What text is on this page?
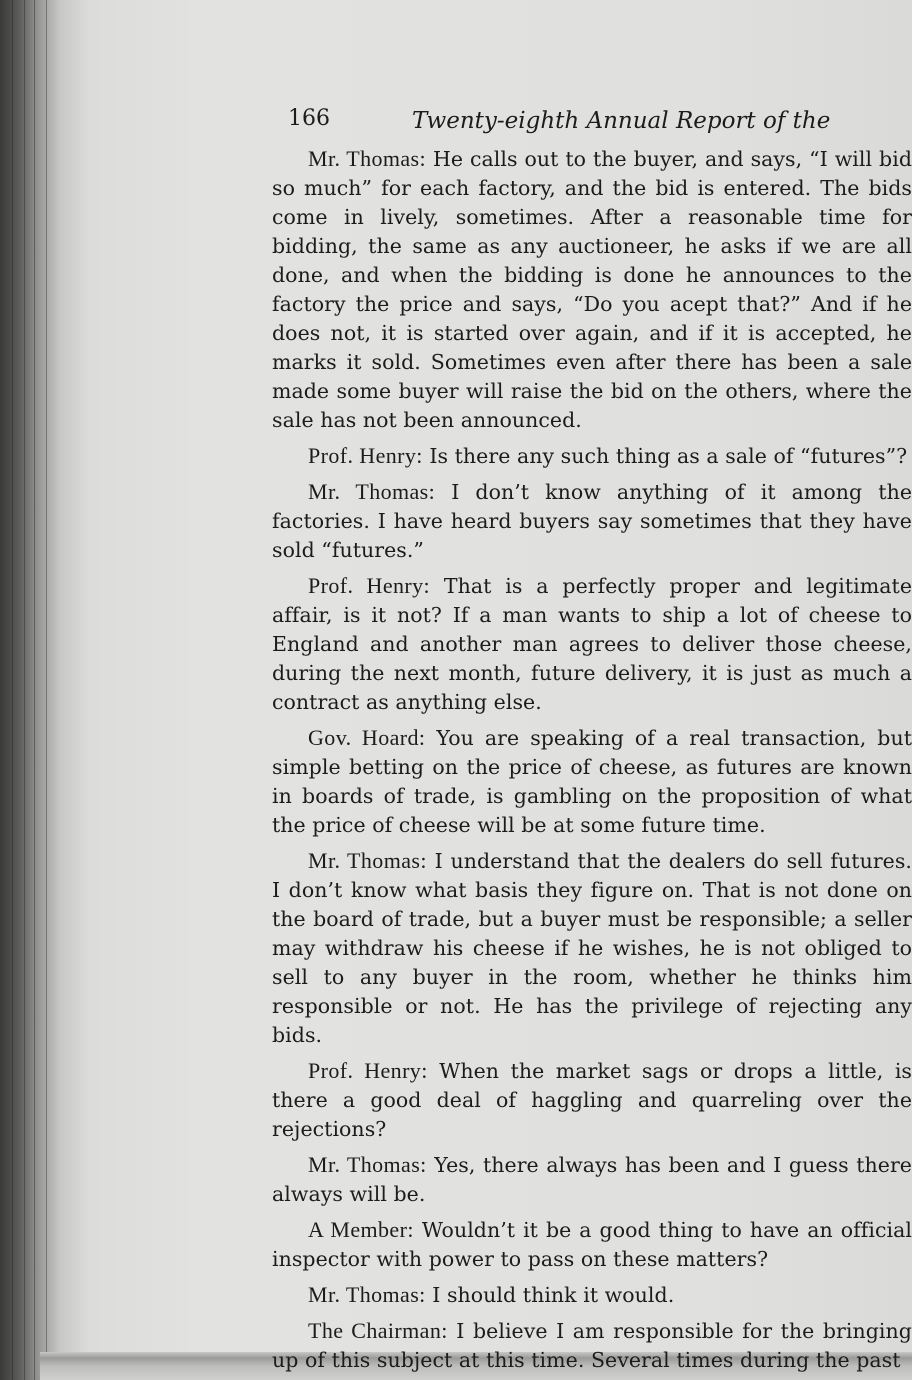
166	Twenty-eighth Annual Report of the

Mr. Thomas: He calls out to the buyer, and says, “I will bid so much” for each factory, and the bid is entered. The bids come in lively, sometimes. After a reasonable time for bidding, the same as any auctioneer, he asks if we are all done, and when the bidding is done he announces to the factory the price and says, “Do you acept that?” And if he does not, it is started over again, and if it is accepted, he marks it sold. Sometimes even after there has been a sale made some buyer will raise the bid on the others, where the sale has not been announced.

Prof. Henry: Is there any such thing as a sale of “futures”?

Mr. Thomas: I don’t know anything of it among the factories. I have heard buyers say sometimes that they have sold “futures.”

Prof. Henry: That is a perfectly proper and legitimate affair, is it not? If a man wants to ship a lot of cheese to England and another man agrees to deliver those cheese, during the next month, future delivery, it is just as much a contract as anything else.

Gov. Hoard: You are speaking of a real transaction, but simple betting on the price of cheese, as futures are known in boards of trade, is gambling on the proposition of what the price of cheese will be at some future time.

Mr. Thomas: I understand that the dealers do sell futures. I don’t know what basis they figure on. That is not done on the board of trade, but a buyer must be responsible; a seller may withdraw his cheese if he wishes, he is not obliged to sell to any buyer in the room, whether he thinks him responsible or not. He has the privilege of rejecting any bids.

Prof. Henry: When the market sags or drops a little, is there a good deal of haggling and quarreling over the rejections?

Mr. Thomas: Yes, there always has been and I guess there always will be.

A Member: Wouldn’t it be a good thing to have an official inspector with power to pass on these matters?

Mr. Thomas: I should think it would.

The Chairman: I believe I am responsible for the bringing up of this subject at this time. Several times during the past
